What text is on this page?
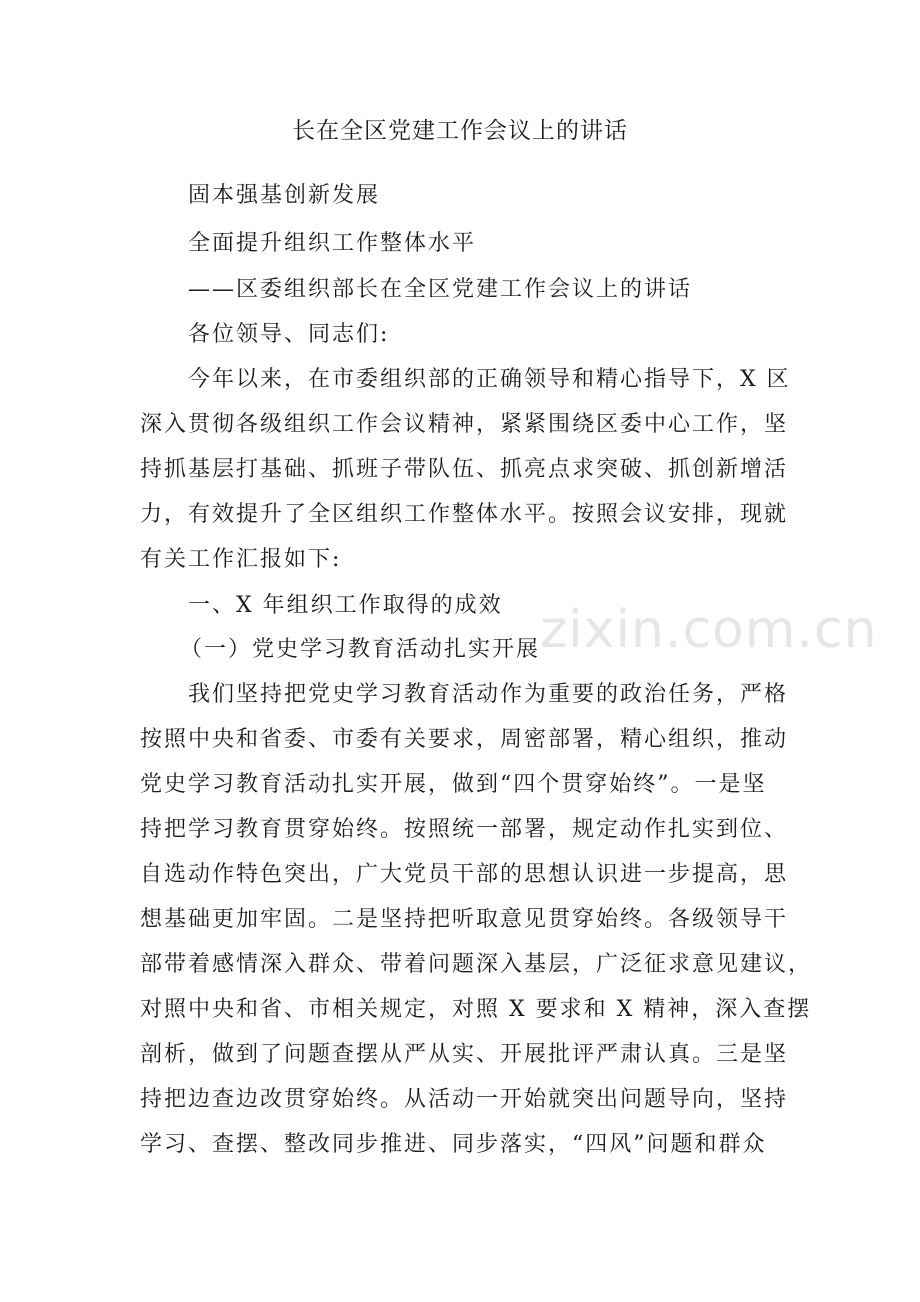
zixin.com.cn
长在全区党建工作会议上的讲话
固本强基创新发展
全面提升组织工作整体水平
——区委组织部长在全区党建工作会议上的讲话
各位领导、同志们:
今年以来，在市委组织部的正确领导和精心指导下，X 区
深入贯彻各级组织工作会议精神，紧紧围绕区委中心工作，坚
持抓基层打基础、抓班子带队伍、抓亮点求突破、抓创新增活
力，有效提升了全区组织工作整体水平。按照会议安排，现就
有关工作汇报如下:
一、X 年组织工作取得的成效
（一）党史学习教育活动扎实开展
我们坚持把党史学习教育活动作为重要的政治任务，严格
按照中央和省委、市委有关要求，周密部署，精心组织，推动
党史学习教育活动扎实开展，做到“四个贯穿始终”。一是坚
持把学习教育贯穿始终。按照统一部署，规定动作扎实到位、
自选动作特色突出，广大党员干部的思想认识进一步提高，思
想基础更加牢固。二是坚持把听取意见贯穿始终。各级领导干
部带着感情深入群众、带着问题深入基层，广泛征求意见建议，
对照中央和省、市相关规定，对照 X 要求和 X 精神，深入查摆
剖析，做到了问题查摆从严从实、开展批评严肃认真。三是坚
持把边查边改贯穿始终。从活动一开始就突出问题导向，坚持
学习、查摆、整改同步推进、同步落实，“四风”问题和群众
